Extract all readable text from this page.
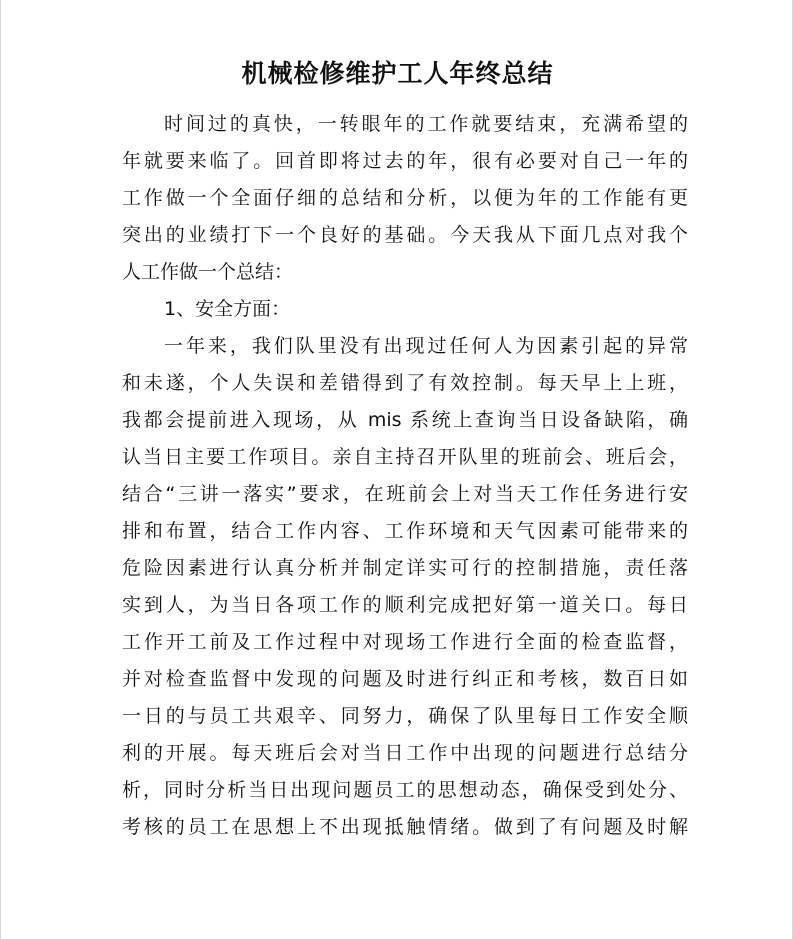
机械检修维护工人年终总结
时间过的真快，一转眼年的工作就要结束，充满希望的
年就要来临了。回首即将过去的年，很有必要对自己一年的
工作做一个全面仔细的总结和分析，以便为年的工作能有更
突出的业绩打下一个良好的基础。今天我从下面几点对我个
人工作做一个总结：
1、安全方面：
一年来，我们队里没有出现过任何人为因素引起的异常
和未遂，个人失误和差错得到了有效控制。每天早上上班，
我都会提前进入现场，从 mis 系统上查询当日设备缺陷，确
认当日主要工作项目。亲自主持召开队里的班前会、班后会，
结合“三讲一落实”要求，在班前会上对当天工作任务进行安
排和布置，结合工作内容、工作环境和天气因素可能带来的
危险因素进行认真分析并制定详实可行的控制措施，责任落
实到人，为当日各项工作的顺利完成把好第一道关口。每日
工作开工前及工作过程中对现场工作进行全面的检查监督，
并对检查监督中发现的问题及时进行纠正和考核，数百日如
一日的与员工共艰辛、同努力，确保了队里每日工作安全顺
利的开展。每天班后会对当日工作中出现的问题进行总结分
析，同时分析当日出现问题员工的思想动态，确保受到处分、
考核的员工在思想上不出现抵触情绪。做到了有问题及时解
